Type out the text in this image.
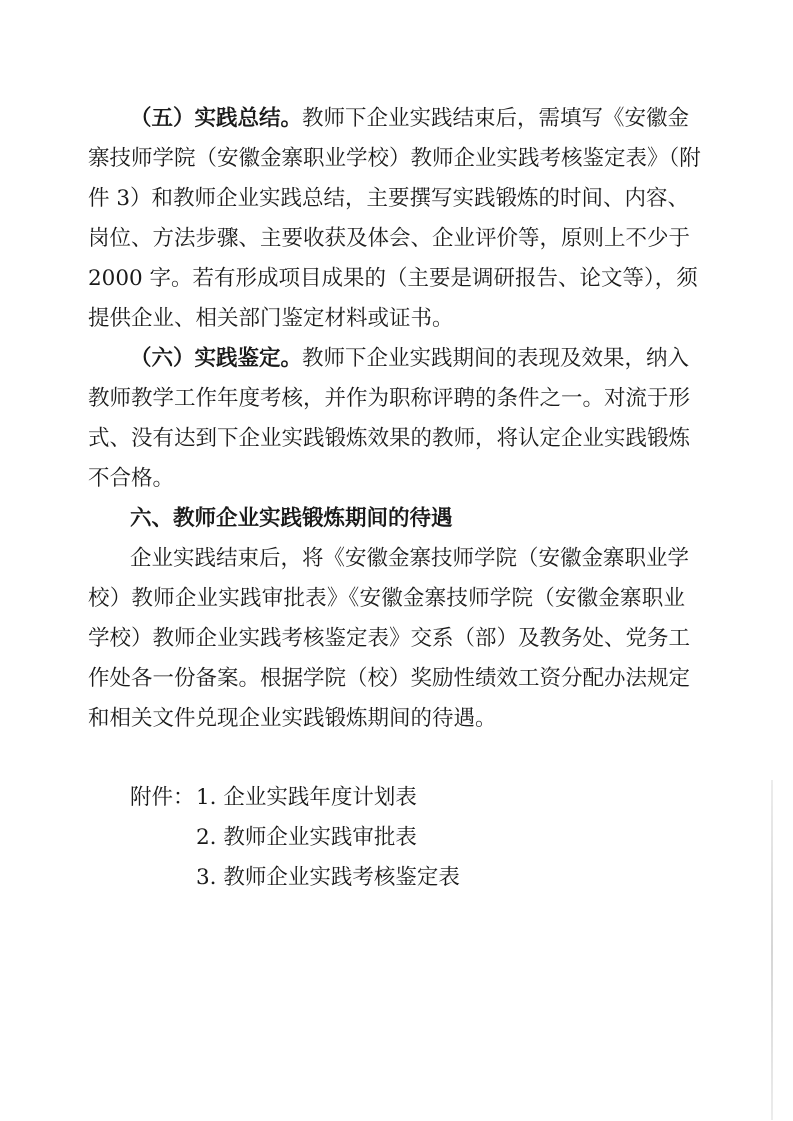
（五）实践总结。教师下企业实践结束后，需填写《安徽金
寨技师学院（安徽金寨职业学校）教师企业实践考核鉴定表》（附
件 3）和教师企业实践总结，主要撰写实践锻炼的时间、内容、
岗位、方法步骤、主要收获及体会、企业评价等，原则上不少于
2000 字。若有形成项目成果的（主要是调研报告、论文等），须
提供企业、相关部门鉴定材料或证书。
（六）实践鉴定。教师下企业实践期间的表现及效果，纳入
教师教学工作年度考核，并作为职称评聘的条件之一。对流于形
式、没有达到下企业实践锻炼效果的教师，将认定企业实践锻炼
不合格。
六、教师企业实践锻炼期间的待遇
企业实践结束后，将《安徽金寨技师学院（安徽金寨职业学
校）教师企业实践审批表》《安徽金寨技师学院（安徽金寨职业
学校）教师企业实践考核鉴定表》交系（部）及教务处、党务工
作处各一份备案。根据学院（校）奖励性绩效工资分配办法规定
和相关文件兑现企业实践锻炼期间的待遇。
附件： 1. 企业实践年度计划表
2. 教师企业实践审批表
3. 教师企业实践考核鉴定表
